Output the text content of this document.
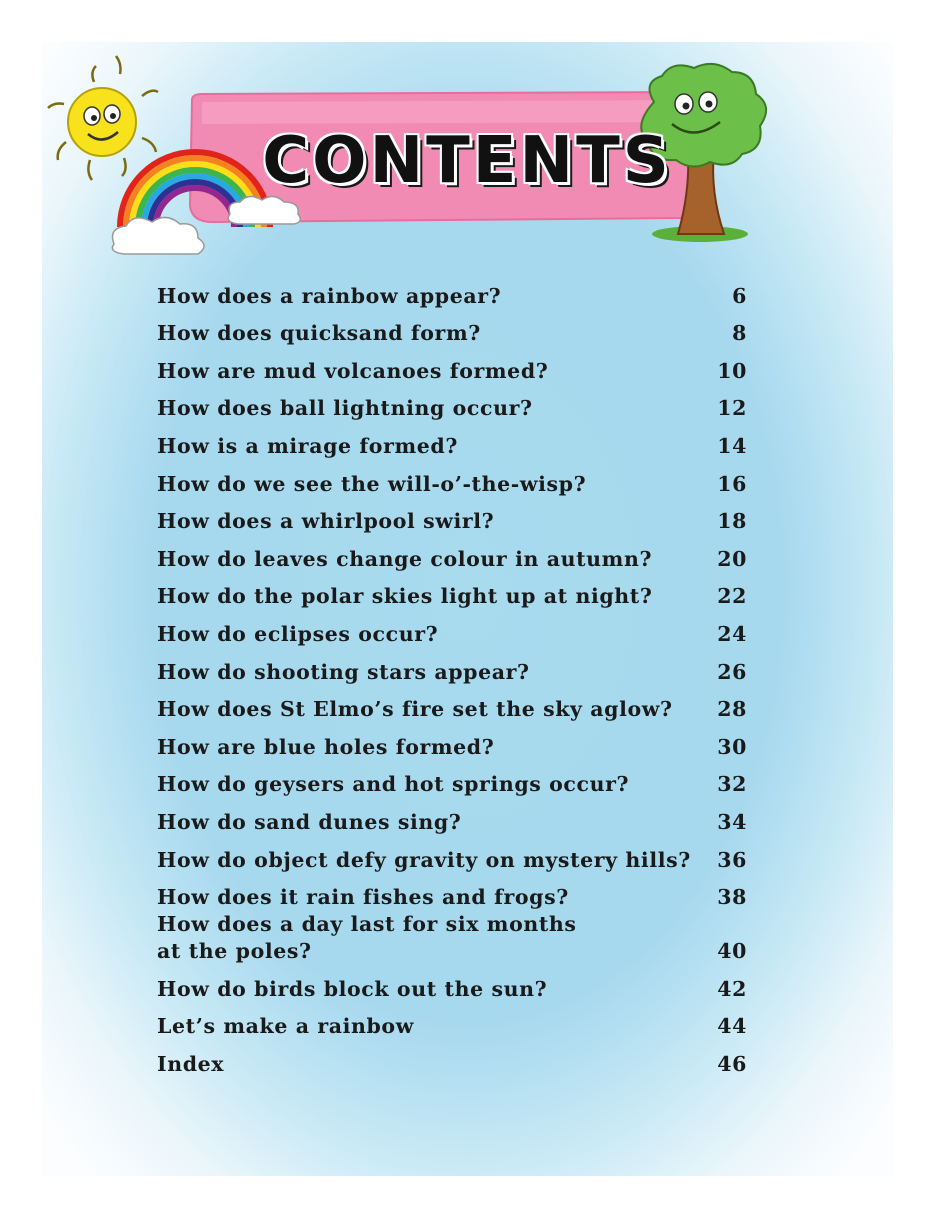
CONTENTS
How does a rainbow appear?	6
How does quicksand form?	8
How are mud volcanoes formed?	10
How does ball lightning occur?	12
How is a mirage formed?	14
How do we see the will-o’-the-wisp?	16
How does a whirlpool swirl?	18
How do leaves change colour in autumn?	20
How do the polar skies light up at night?	22
How do eclipses occur?	24
How do shooting stars appear?	26
How does St Elmo’s fire set the sky aglow?	28
How are blue holes formed?	30
How do geysers and hot springs occur?	32
How do sand dunes sing?	34
How do object defy gravity on mystery hills?	36
How does it rain fishes and frogs?	38
How does a day last for six months
at the poles?	40
How do birds block out the sun?	42
Let’s make a rainbow	44
Index	46
